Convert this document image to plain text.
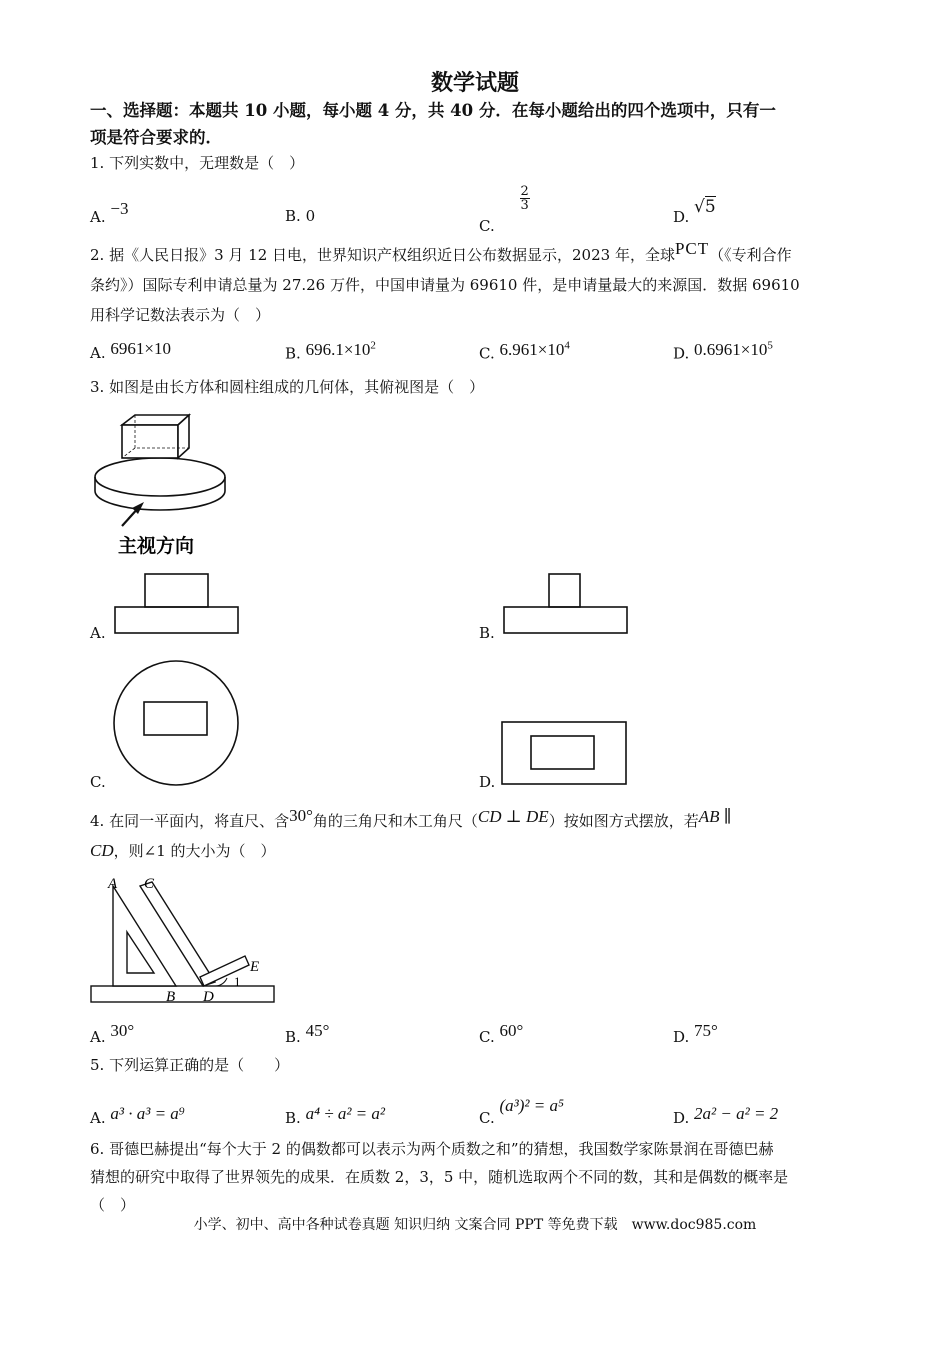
数学试题
一、选择题：本题共 10 小题，每小题 4 分，共 40 分．在每小题给出的四个选项中，只有一
项是符合要求的．
1. 下列实数中，无理数是（　）
A. −3	B. 0
C.
$\frac{2}{3}$
D. √5
2. 据《人民日报》3 月 12 日电，世界知识产权组织近日公布数据显示，2023 年，全球PCT（《专利合作
条约》）国际专利申请总量为 27.26 万件，中国申请量为 69610 件，是申请量最大的来源国．数据 69610
用科学记数法表示为（　）
A. 6961×10	B. $696.1\times 10^2$	C. $6.961\times 10^4$	D. $0.6961\times 10^5$
3. 如图是由长方体和圆柱组成的几何体，其俯视图是（　）
主视方向
A.	B.
C.	D.
4. 在同一平面内，将直尺、含30°角的三角尺和木工角尺（CD ⊥ DE）按如图方式摆放，若AB ∥
CD，则∠1 的大小为（　）
A C
E
B D
1
A. 30°	B. 45°	C. 60°	D. 75°
5. 下列运算正确的是（　　）
A. a³ · a³ = a⁹	B. a⁴ ÷ a² = a²	C. (a³)² = a⁵
D. 2a² − a² = 2
6. 哥德巴赫提出“每个大于 2 的偶数都可以表示为两个质数之和”的猜想，我国数学家陈景润在哥德巴赫
猜想的研究中取得了世界领先的成果．在质数 2，3，5 中，随机选取两个不同的数，其和是偶数的概率是
（　）
小学、初中、高中各种试卷真题 知识归纳 文案合同 PPT 等免费下载　www.doc985.com
